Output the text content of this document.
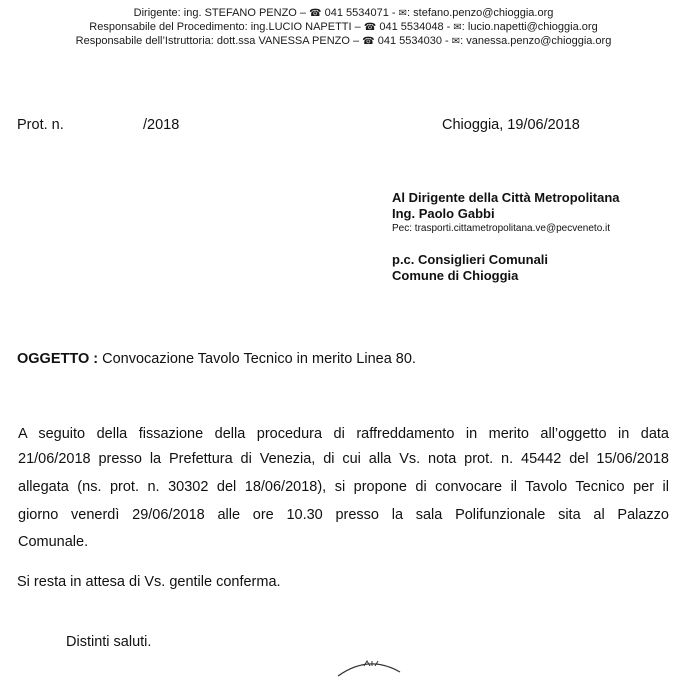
Dirigente: ing. STEFANO PENZO – ☎ 041 5534071 - ✉: stefano.penzo@chioggia.org
Responsabile del Procedimento: ing.LUCIO NAPETTI – ☎ 041 5534048 - ✉: lucio.napetti@chioggia.org
Responsabile dell’Istruttoria: dott.ssa VANESSA PENZO – ☎ 041 5534030 - ✉: vanessa.penzo@chioggia.org
Prot. n.	/2018	Chioggia, 19/06/2018
Al Dirigente della Città Metropolitana
Ing. Paolo Gabbi
Pec: trasporti.cittametropolitana.ve@pecveneto.it
p.c. Consiglieri Comunali
Comune di Chioggia
OGGETTO : Convocazione Tavolo Tecnico in merito Linea 80.
A seguito della fissazione della procedura di raffreddamento in merito all’oggetto in data
21/06/2018 presso la Prefettura di Venezia, di cui alla Vs. nota prot. n. 45442 del 15/06/2018
allegata (ns. prot. n. 30302 del 18/06/2018), si propone di convocare il Tavolo Tecnico per il
giorno venerdì 29/06/2018 alle ore 10.30 presso la sala Polifunzionale sita al Palazzo
Comunale.
Si resta in attesa di Vs. gentile conferma.
Distinti saluti.
